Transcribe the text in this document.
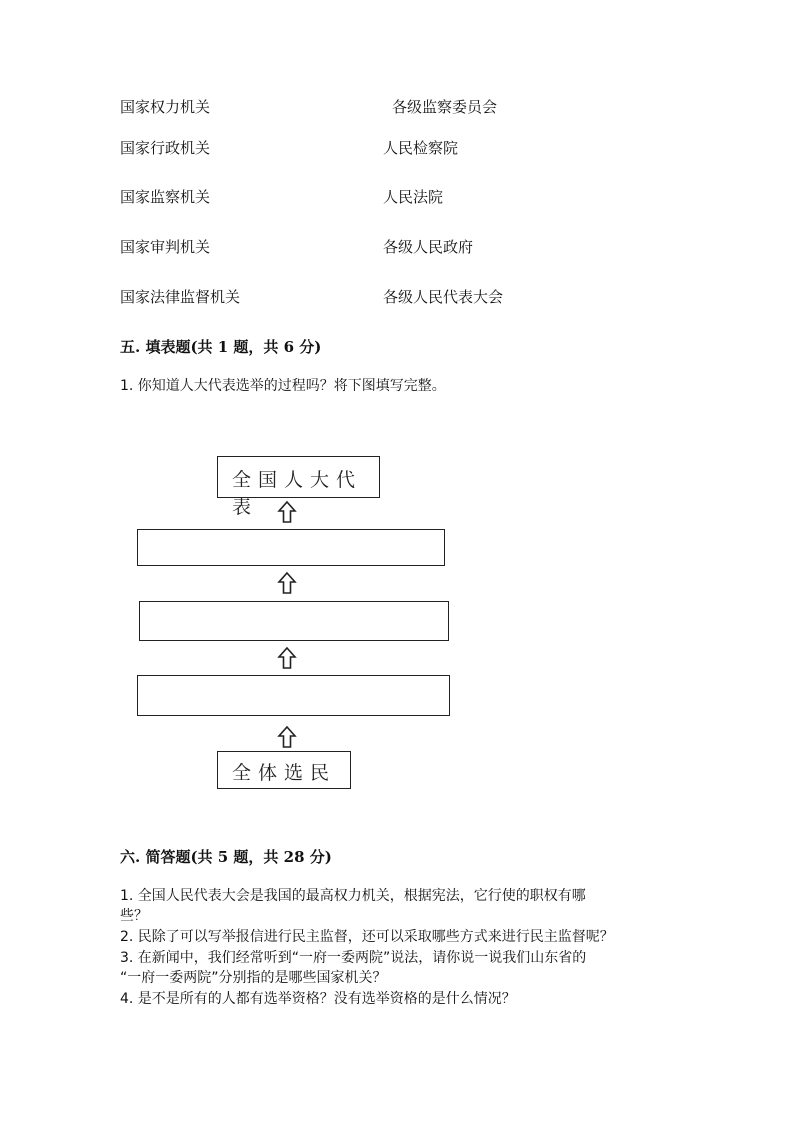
国家权力机关
国家行政机关
国家监察机关
国家审判机关
国家法律监督机关
各级监察委员会
人民检察院
人民法院
各级人民政府
各级人民代表大会
五. 填表题(共 1 题，共 6 分)
1. 你知道人大代表选举的过程吗？将下图填写完整。
全国人大代表
全体选民
六. 简答题(共 5 题，共 28 分)
1. 全国人民代表大会是我国的最高权力机关，根据宪法，它行使的职权有哪
些？
2. 民除了可以写举报信进行民主监督，还可以采取哪些方式来进行民主监督呢？
3. 在新闻中，我们经常听到“一府一委两院”说法，请你说一说我们山东省的
“一府一委两院”分别指的是哪些国家机关？
4. 是不是所有的人都有选举资格？没有选举资格的是什么情况？
